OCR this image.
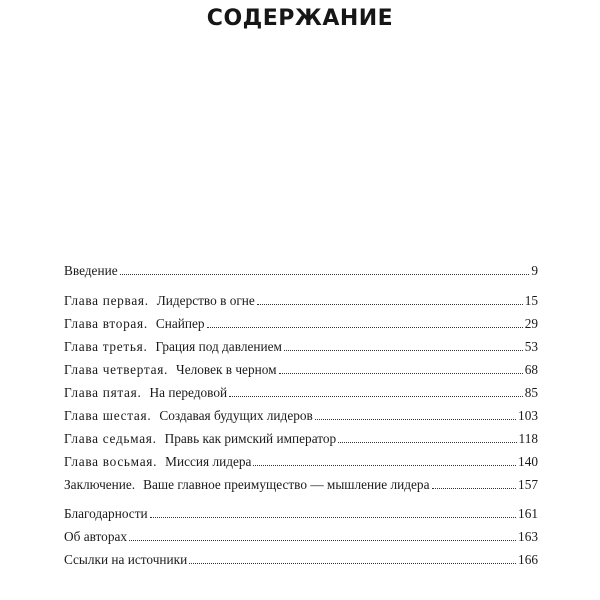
СОДЕРЖАНИЕ
Введение	9
Глава первая. Лидерство в огне	15
Глава вторая. Снайпер	29
Глава третья. Грация под давлением	53
Глава четвертая. Человек в черном	68
Глава пятая. На передовой	85
Глава шестая. Создавая будущих лидеров	103
Глава седьмая. Правь как римский император	118
Глава восьмая. Миссия лидера	140
Заключение. Ваше главное преимущество — мышление лидера	157
Благодарности	161
Об авторах	163
Ссылки на источники	166
